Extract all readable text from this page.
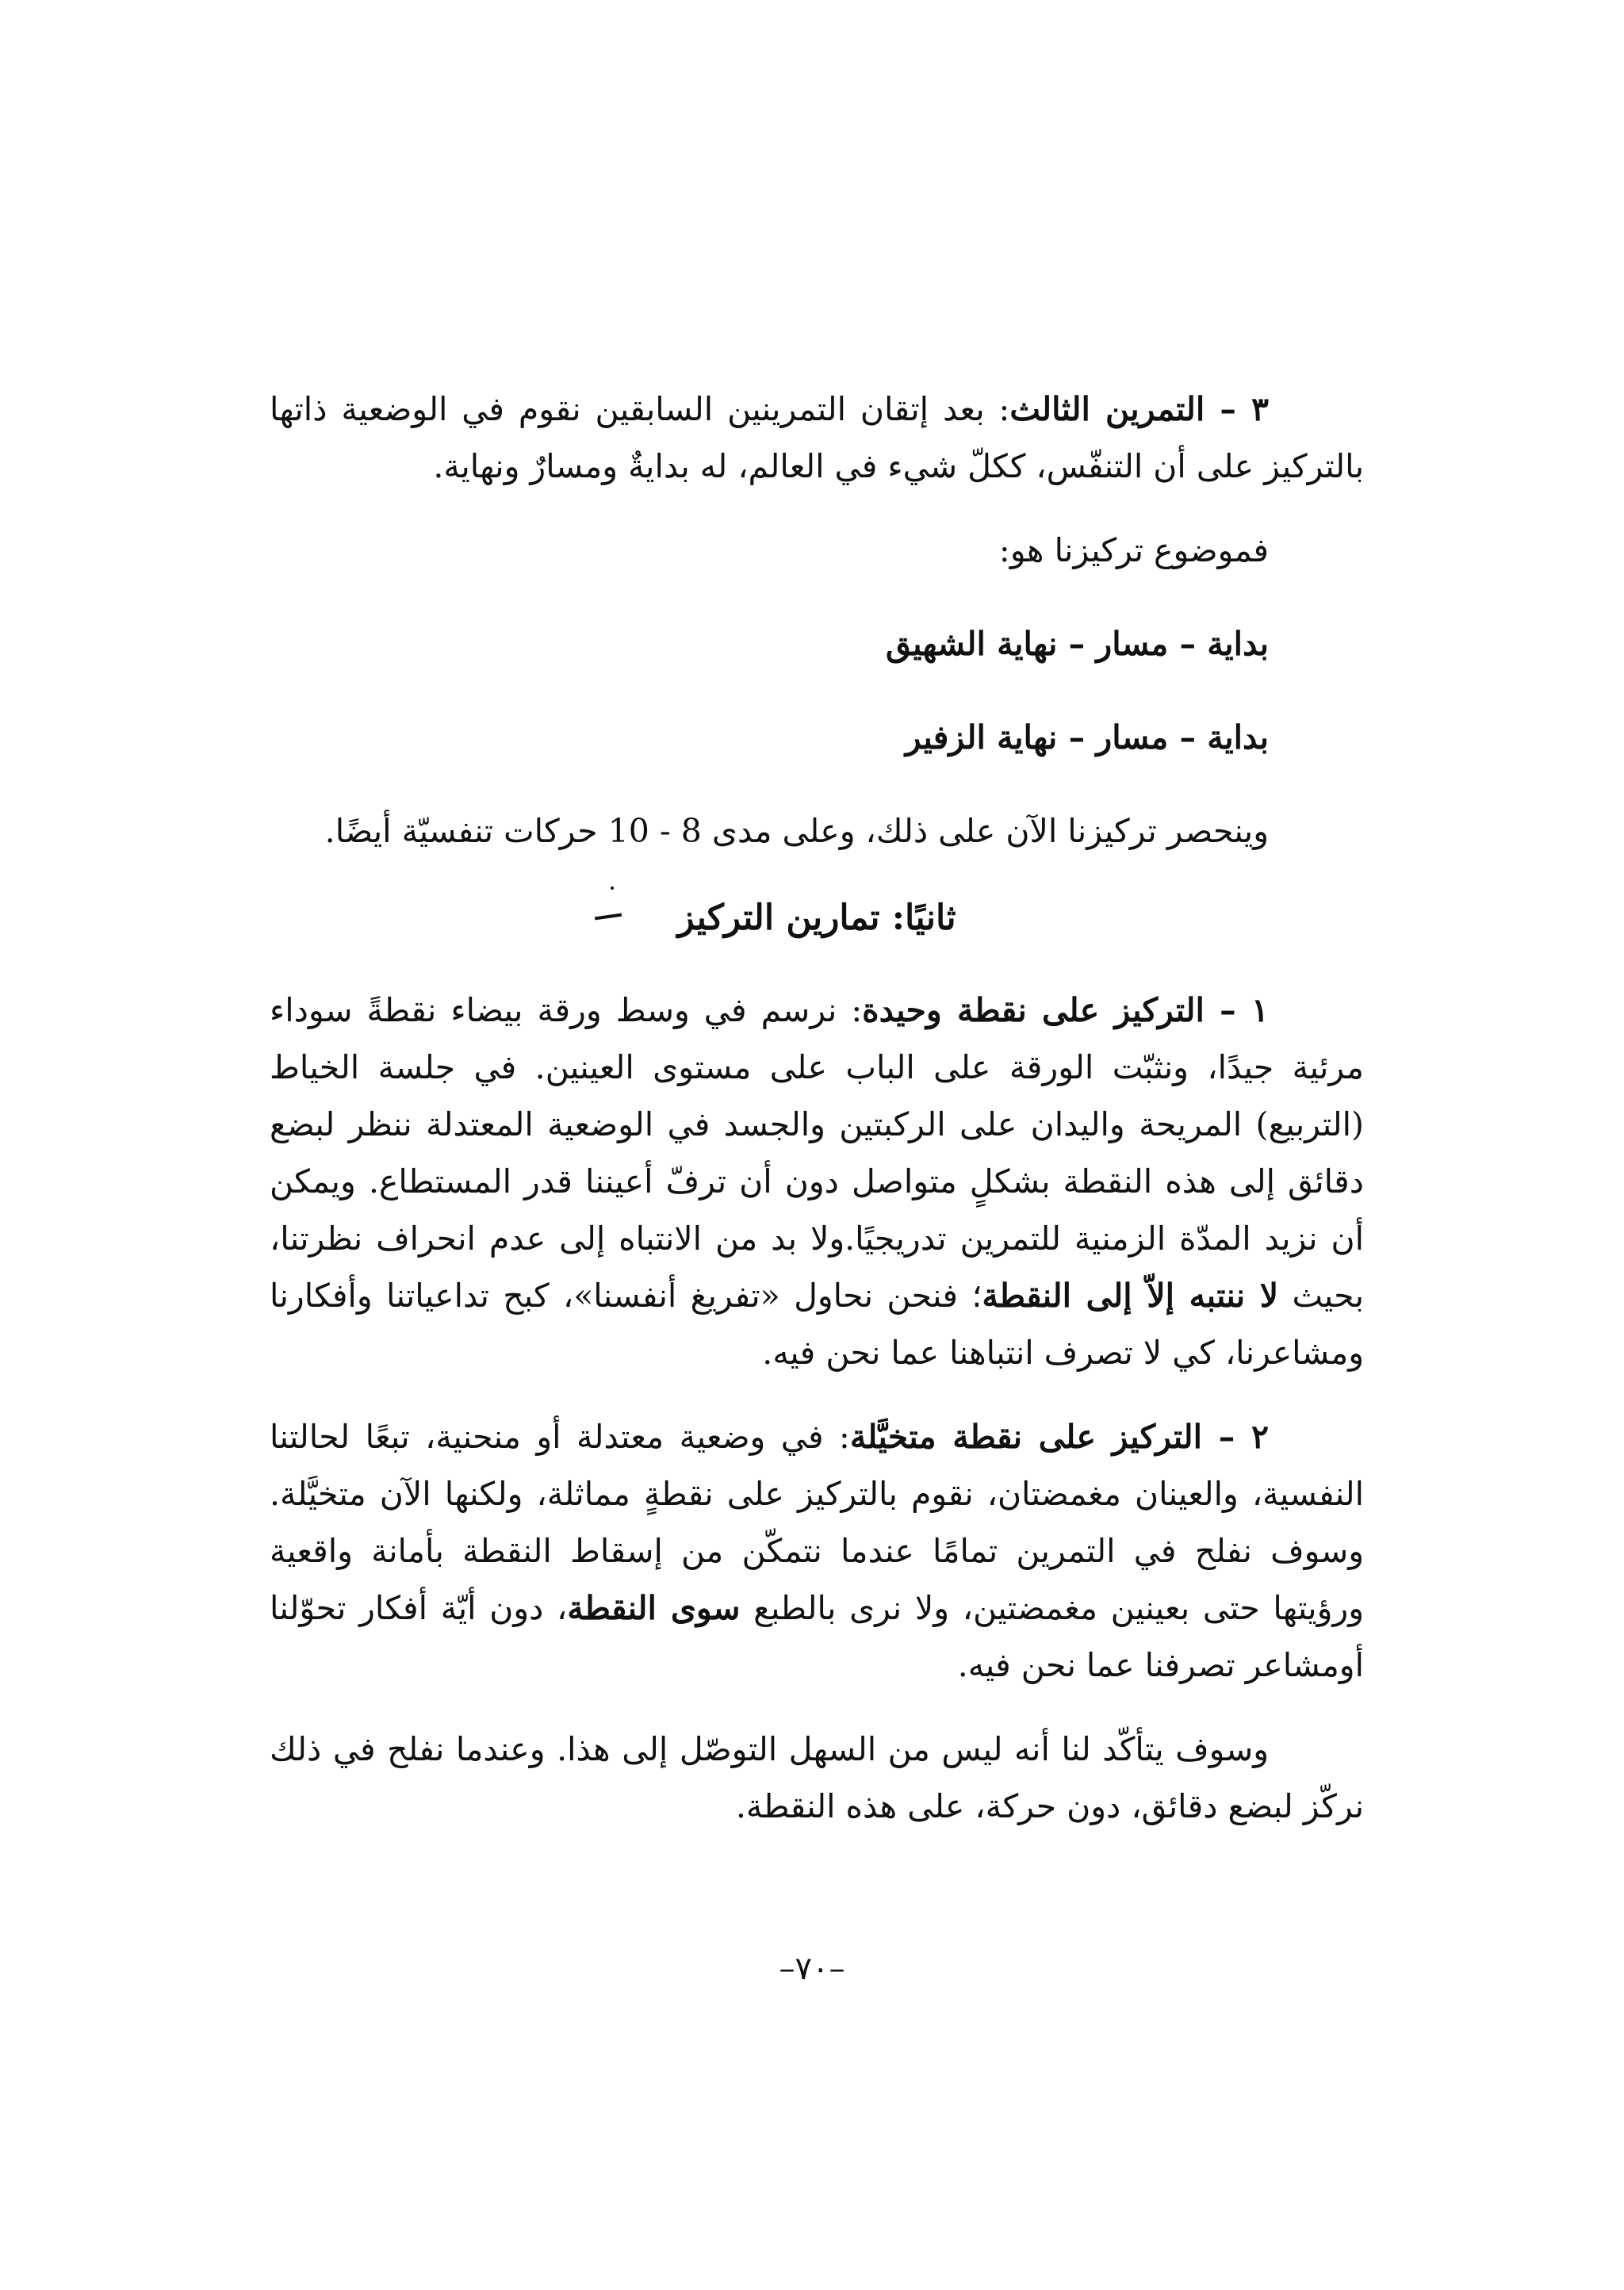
٣ – التمرين الثالث: بعد إتقان التمرينين السابقين نقوم في الوضعية ذاتها بالتركيز على أن التنفّس، ككلّ شيء في العالم، له بدايةٌ ومسارٌ ونهاية.

فموضوع تركيزنا هو:

بداية – مسار – نهاية الشهيق

بداية – مسار – نهاية الزفير

وينحصر تركيزنا الآن على ذلك، وعلى مدى 8 - 10 حركات تنفسيّة أيضًا.

ثانيًا: تمارين التركيز

١ – التركيز على نقطة وحيدة: نرسم في وسط ورقة بيضاء نقطةً سوداء مرئية جيدًا، ونثبّت الورقة على الباب على مستوى العينين. في جلسة الخياط (التربيع) المريحة واليدان على الركبتين والجسد في الوضعية المعتدلة ننظر لبضع دقائق إلى هذه النقطة بشكلٍ متواصل دون أن ترفّ أعيننا قدر المستطاع. ويمكن أن نزيد المدّة الزمنية للتمرين تدريجيًا.ولا بد من الانتباه إلى عدم انحراف نظرتنا، بحيث لا ننتبه إلاّ إلى النقطة؛ فنحن نحاول «تفريغ أنفسنا»، كبح تداعياتنا وأفكارنا ومشاعرنا، كي لا تصرف انتباهنا عما نحن فيه.

٢ – التركيز على نقطة متخيَّلة: في وضعية معتدلة أو منحنية، تبعًا لحالتنا النفسية، والعينان مغمضتان، نقوم بالتركيز على نقطةٍ مماثلة، ولكنها الآن متخيَّلة. وسوف نفلح في التمرين تمامًا عندما نتمكّن من إسقاط النقطة بأمانة واقعية ورؤيتها حتى بعينين مغمضتين، ولا نرى بالطبع سوى النقطة، دون أيّة أفكار تحوّلنا أومشاعر تصرفنا عما نحن فيه.

وسوف يتأكّد لنا أنه ليس من السهل التوصّل إلى هذا. وعندما نفلح في ذلك نركّز لبضع دقائق، دون حركة، على هذه النقطة.

–٧٠–
